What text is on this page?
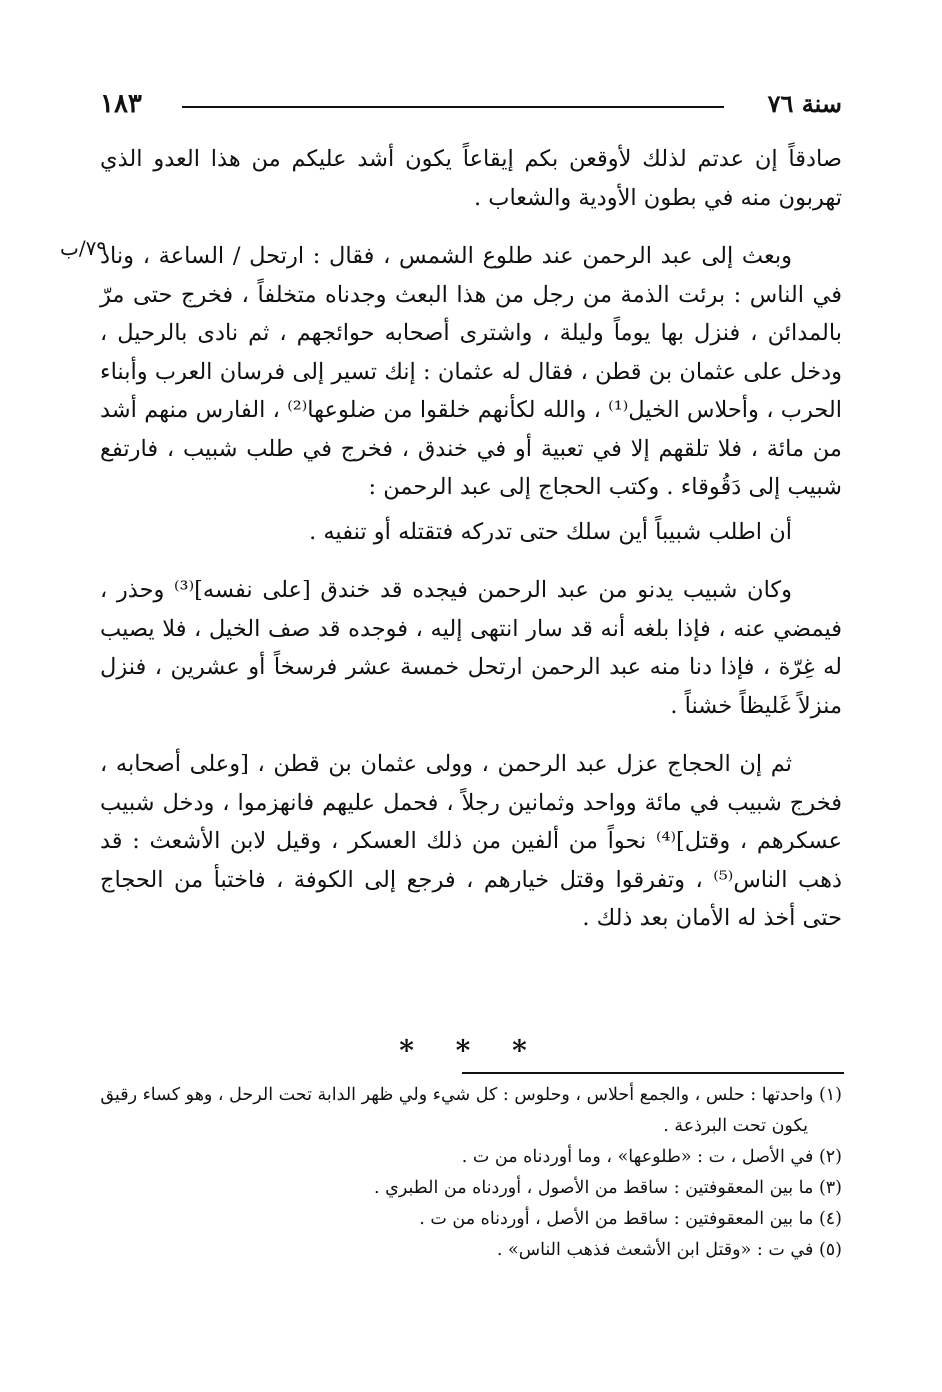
سنة ٧٦
١٨٣
٧٩/ب

صادقاً إن عدتم لذلك لأوقعن بكم إيقاعاً يكون أشد عليكم من هذا العدو الذي تهربون منه في بطون الأودية والشعاب .

وبعث إلى عبد الرحمن عند طلوع الشمس ، فقال : ارتحل / الساعة ، وناد في الناس : برئت الذمة من رجل من هذا البعث وجدناه متخلفاً ، فخرج حتى مرّ بالمدائن ، فنزل بها يوماً وليلة ، واشترى أصحابه حوائجهم ، ثم نادى بالرحيل ، ودخل على عثمان بن قطن ، فقال له عثمان : إنك تسير إلى فرسان العرب وأبناء الحرب ، وأحلاس الخيل⁽¹⁾ ، والله لكأنهم خلقوا من ضلوعها⁽²⁾ ، الفارس منهم أشد من مائة ، فلا تلقهم إلا في تعبية أو في خندق ، فخرج في طلب شبيب ، فارتفع شبيب إلى دَقُوقاء . وكتب الحجاج إلى عبد الرحمن :

أن اطلب شبيباً أين سلك حتى تدركه فتقتله أو تنفيه .

وكان شبيب يدنو من عبد الرحمن فيجده قد خندق [على نفسه]⁽³⁾ وحذر ، فيمضي عنه ، فإذا بلغه أنه قد سار انتهى إليه ، فوجده قد صف الخيل ، فلا يصيب له غِرّة ، فإذا دنا منه عبد الرحمن ارتحل خمسة عشر فرسخاً أو عشرين ، فنزل منزلاً غَليظاً خشناً .

ثم إن الحجاج عزل عبد الرحمن ، وولى عثمان بن قطن ، [وعلى أصحابه ، فخرج شبيب في مائة وواحد وثمانين رجلاً ، فحمل عليهم فانهزموا ، ودخل شبيب عسكرهم ، وقتل]⁽⁴⁾ نحواً من ألفين من ذلك العسكر ، وقيل لابن الأشعث : قد ذهب الناس⁽⁵⁾ ، وتفرقوا وقتل خيارهم ، فرجع إلى الكوفة ، فاختبأ من الحجاج حتى أخذ له الأمان بعد ذلك .

* * *

(١) واحدتها : حلس ، والجمع أحلاس ، وحلوس : كل شيء ولي ظهر الدابة تحت الرحل ، وهو كساء رقيق
يكون تحت البرذعة .

(٢) في الأصل ، ت : «طلوعها» ، وما أوردناه من ت .

(٣) ما بين المعقوفتين : ساقط من الأصول ، أوردناه من الطبري .

(٤) ما بين المعقوفتين : ساقط من الأصل ، أوردناه من ت .

(٥) في ت : «وقتل ابن الأشعث فذهب الناس» .
